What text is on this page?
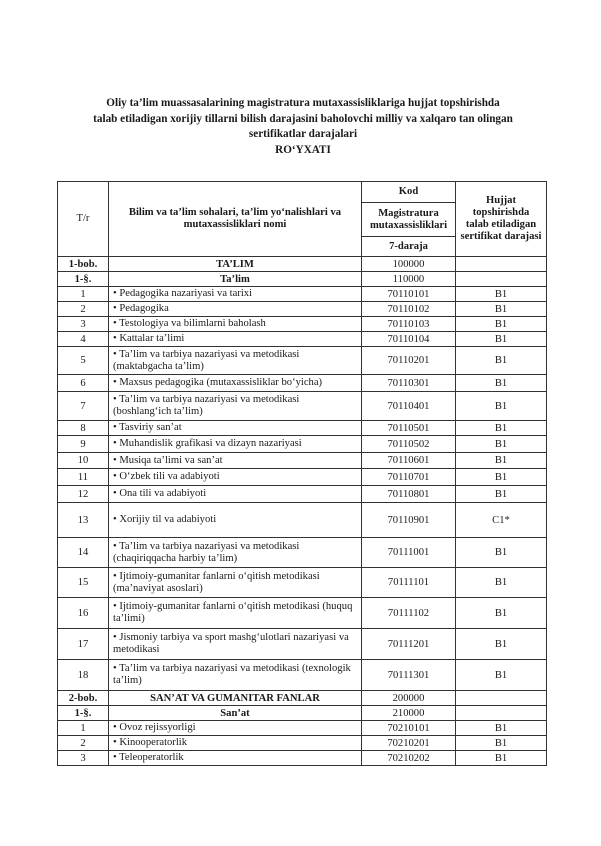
Oliy ta’lim muassasalarining magistratura mutaxassisliklariga hujjat topshirishda
talab etiladigan xorijiy tillarni bilish darajasini baholovchi milliy va xalqaro tan olingan
sertifikatlar darajalari
RO‘YXATI
T/r	Bilim va ta’lim sohalari, ta’lim yo‘nalishlari va mutaxassisliklari nomi	Kod	Hujjat topshirishda talab etiladigan sertifikat darajasi
		Magistratura mutaxassisliklari	
		7-daraja	
1-bob.	TA’LIM	100000	
1-§.	Ta’lim	110000	
1	• Pedagogika nazariyasi va tarixi	70110101	B1
2	• Pedagogika	70110102	B1
3	• Testologiya va bilimlarni baholash	70110103	B1
4	• Kattalar ta’limi	70110104	B1
5	• Ta’lim va tarbiya nazariyasi va metodikasi (maktabgacha ta’lim)	70110201	B1
6	• Maxsus pedagogika (mutaxassisliklar bo‘yicha)	70110301	B1
7	• Ta’lim va tarbiya nazariyasi va metodikasi (boshlang‘ich ta’lim)	70110401	B1
8	• Tasviriy san’at	70110501	B1
9	• Muhandislik grafikasi va dizayn nazariyasi	70110502	B1
10	• Musiqa ta’limi va san’at	70110601	B1
11	• O‘zbek tili va adabiyoti	70110701	B1
12	• Ona tili va adabiyoti	70110801	B1
13	• Xorijiy til va adabiyoti	70110901	C1*
14	• Ta’lim va tarbiya nazariyasi va metodikasi (chaqiriqqacha harbiy ta’lim)	70111001	B1
15	• Ijtimoiy-gumanitar fanlarni o‘qitish metodikasi (ma’naviyat asoslari)	70111101	B1
16	• Ijtimoiy-gumanitar fanlarni o‘qitish metodikasi (huquq ta’limi)	70111102	B1
17	• Jismoniy tarbiya va sport mashg‘ulotlari nazariyasi va metodikasi	70111201	B1
18	• Ta’lim va tarbiya nazariyasi va metodikasi (texnologik ta’lim)	70111301	B1
2-bob.	SAN’AT VA GUMANITAR FANLAR	200000	
1-§.	San’at	210000	
1	• Ovoz rejissyorligi	70210101	B1
2	• Kinooperatorlik	70210201	B1
3	• Teleoperatorlik	70210202	B1
